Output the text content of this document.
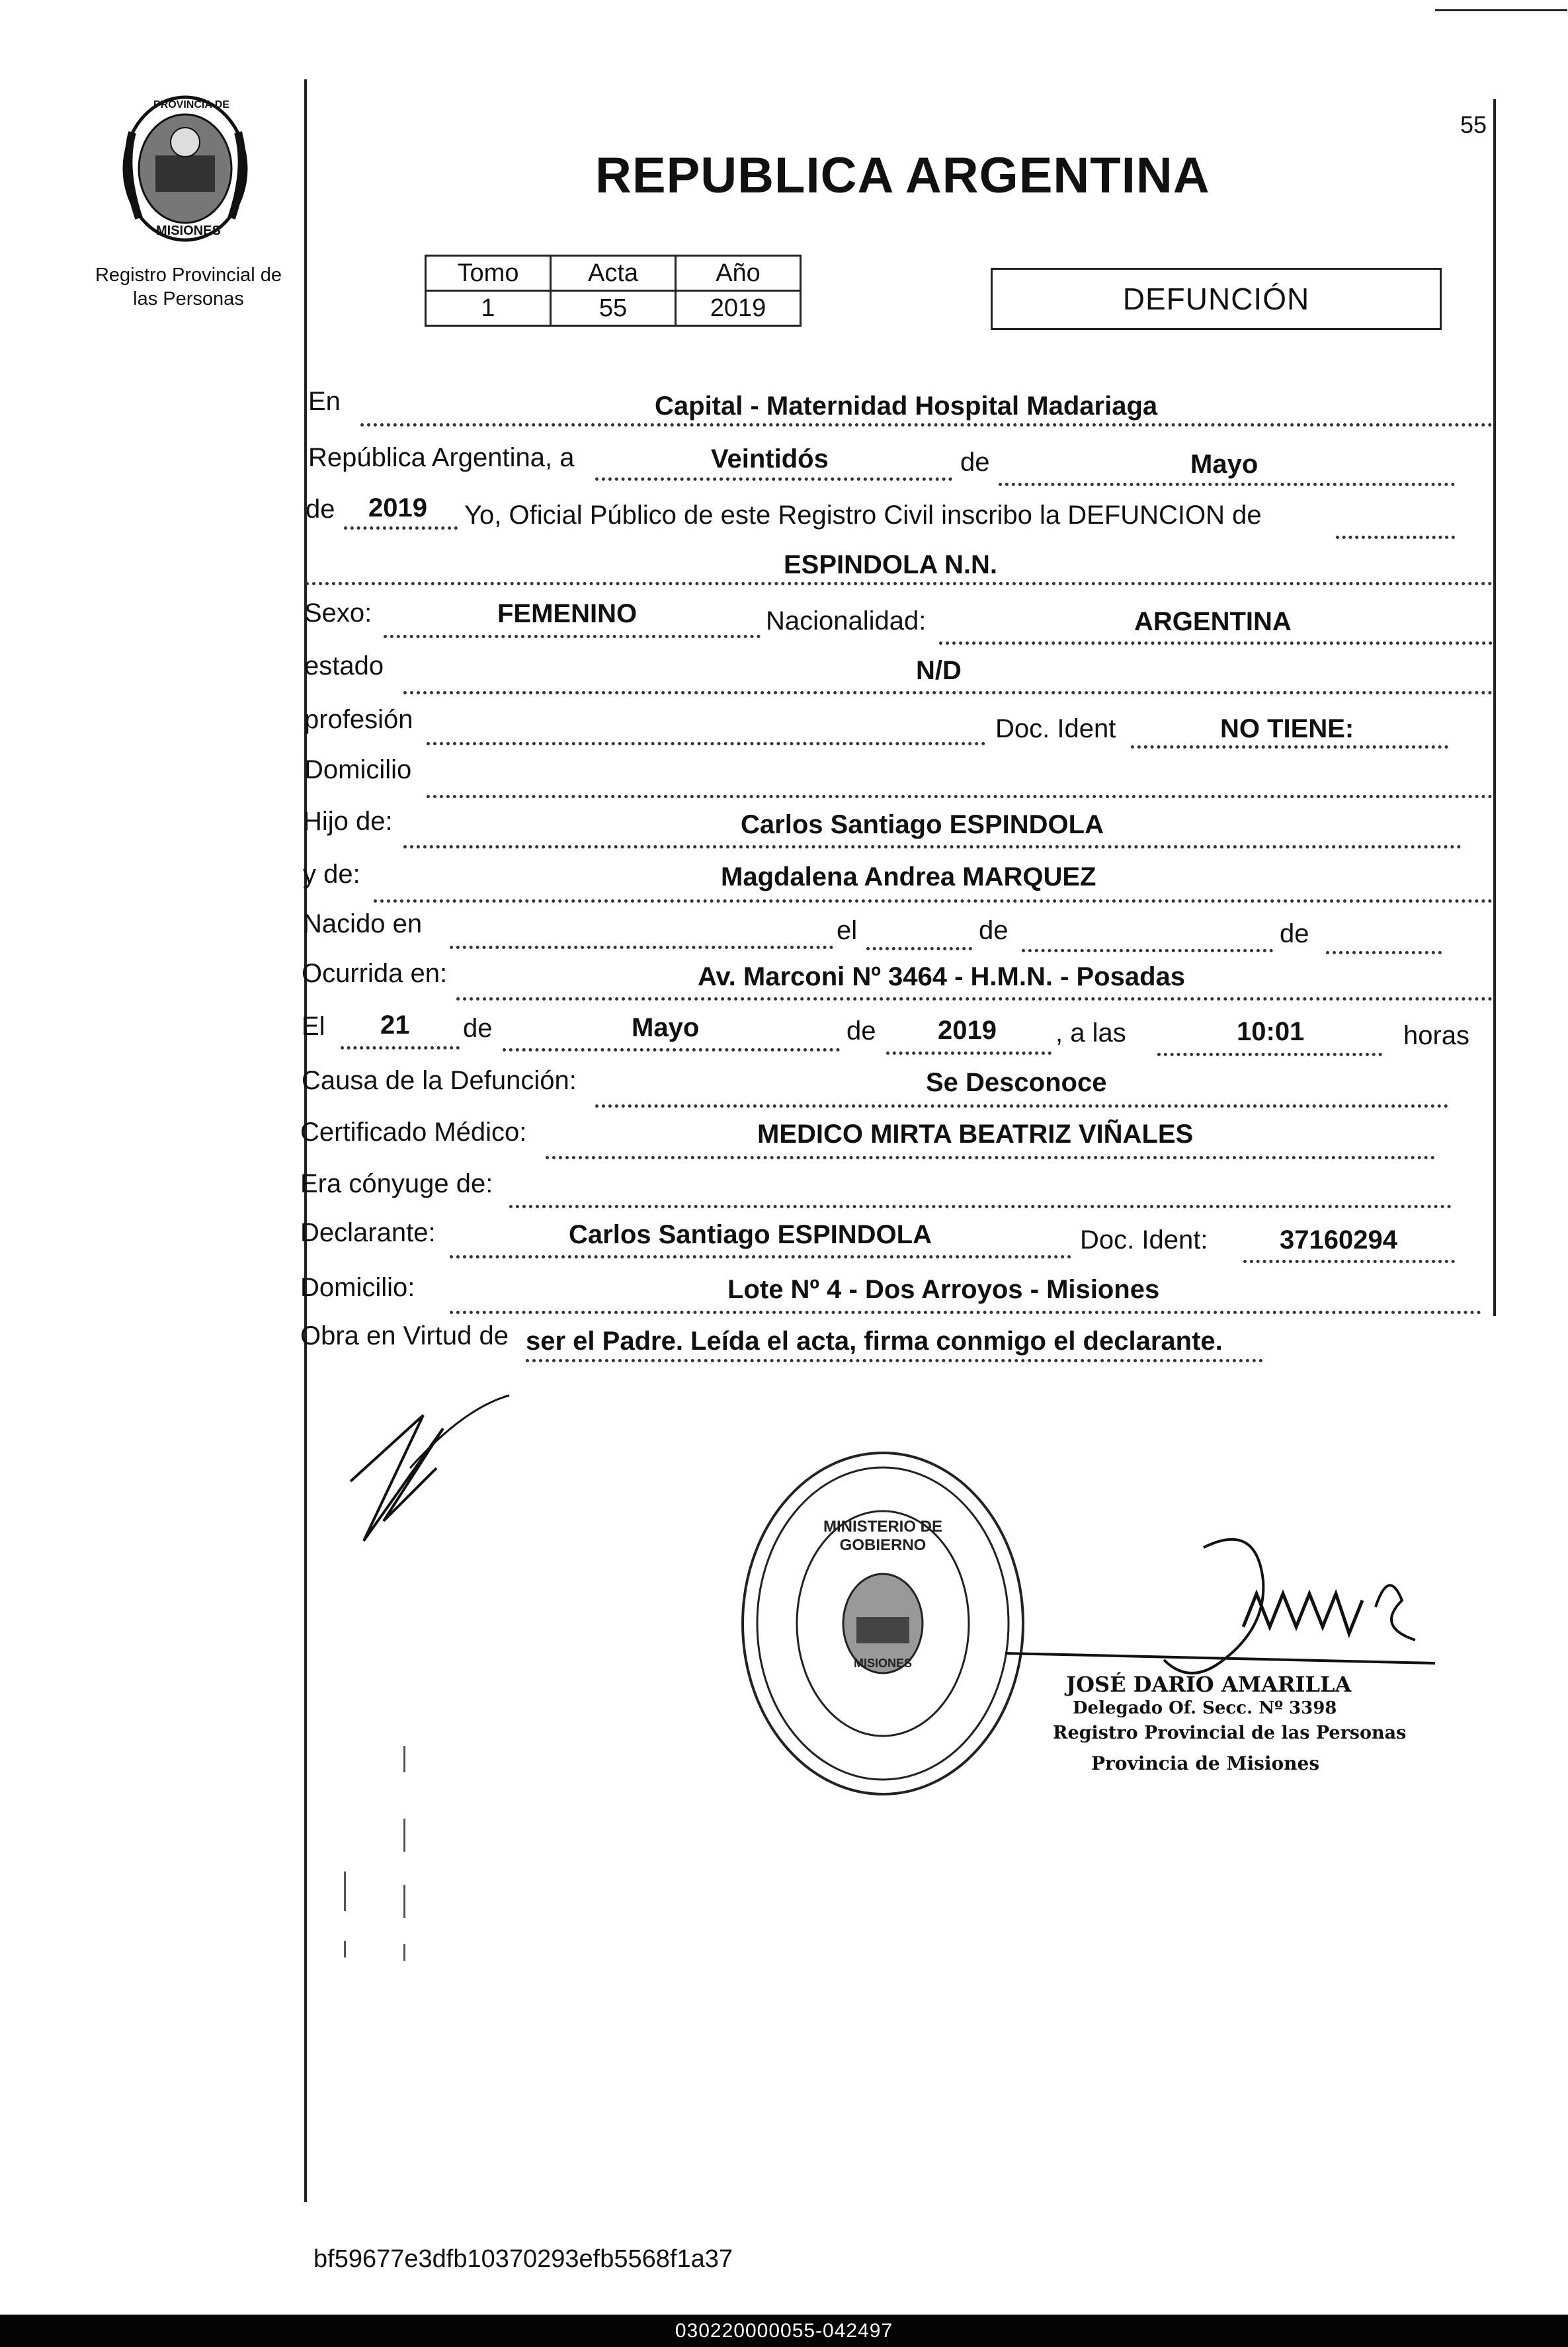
PROVINCIA DE
MISIONES
Registro Provincial de
las Personas
55
REPUBLICA ARGENTINA
Tomo	Acta	Año
1	55	2019	DEFUNCIÓN
En	Capital - Maternidad Hospital Madariaga
República Argentina, a	Veintidós	de	Mayo
de 2019 Yo, Oficial Público de este Registro Civil inscribo la DEFUNCION de
ESPINDOLA N.N.
Sexo:	FEMENINO	Nacionalidad:	ARGENTINA
estado	N/D
profesión	Doc. Ident	NO TIENE:
Domicilio
Hijo de:	Carlos Santiago ESPINDOLA
y de:	Magdalena Andrea MARQUEZ
Nacido en	el	de	de
Ocurrida en:	Av. Marconi Nº 3464 - H.M.N. - Posadas
El 21 de	Mayo	de 2019 , a las	10:01	horas
Causa de la Defunción:	Se Desconoce
Certificado Médico:	MEDICO MIRTA BEATRIZ VIÑALES
Era cónyuge de:
Declarante:	Carlos Santiago ESPINDOLA	Doc. Ident:	37160294
Domicilio:	Lote Nº 4 - Dos Arroyos - Misiones
Obra en Virtud de ser el Padre. Leída el acta, firma conmigo el declarante.
MINISTERIO DE GOBIERNO
MISIONES
JOSÉ DARIO AMARILLA
Delegado Of. Secc. Nº 3398
Registro Provincial de las Personas
Provincia de Misiones
bf59677e3dfb10370293efb5568f1a37
030220000055-042497
